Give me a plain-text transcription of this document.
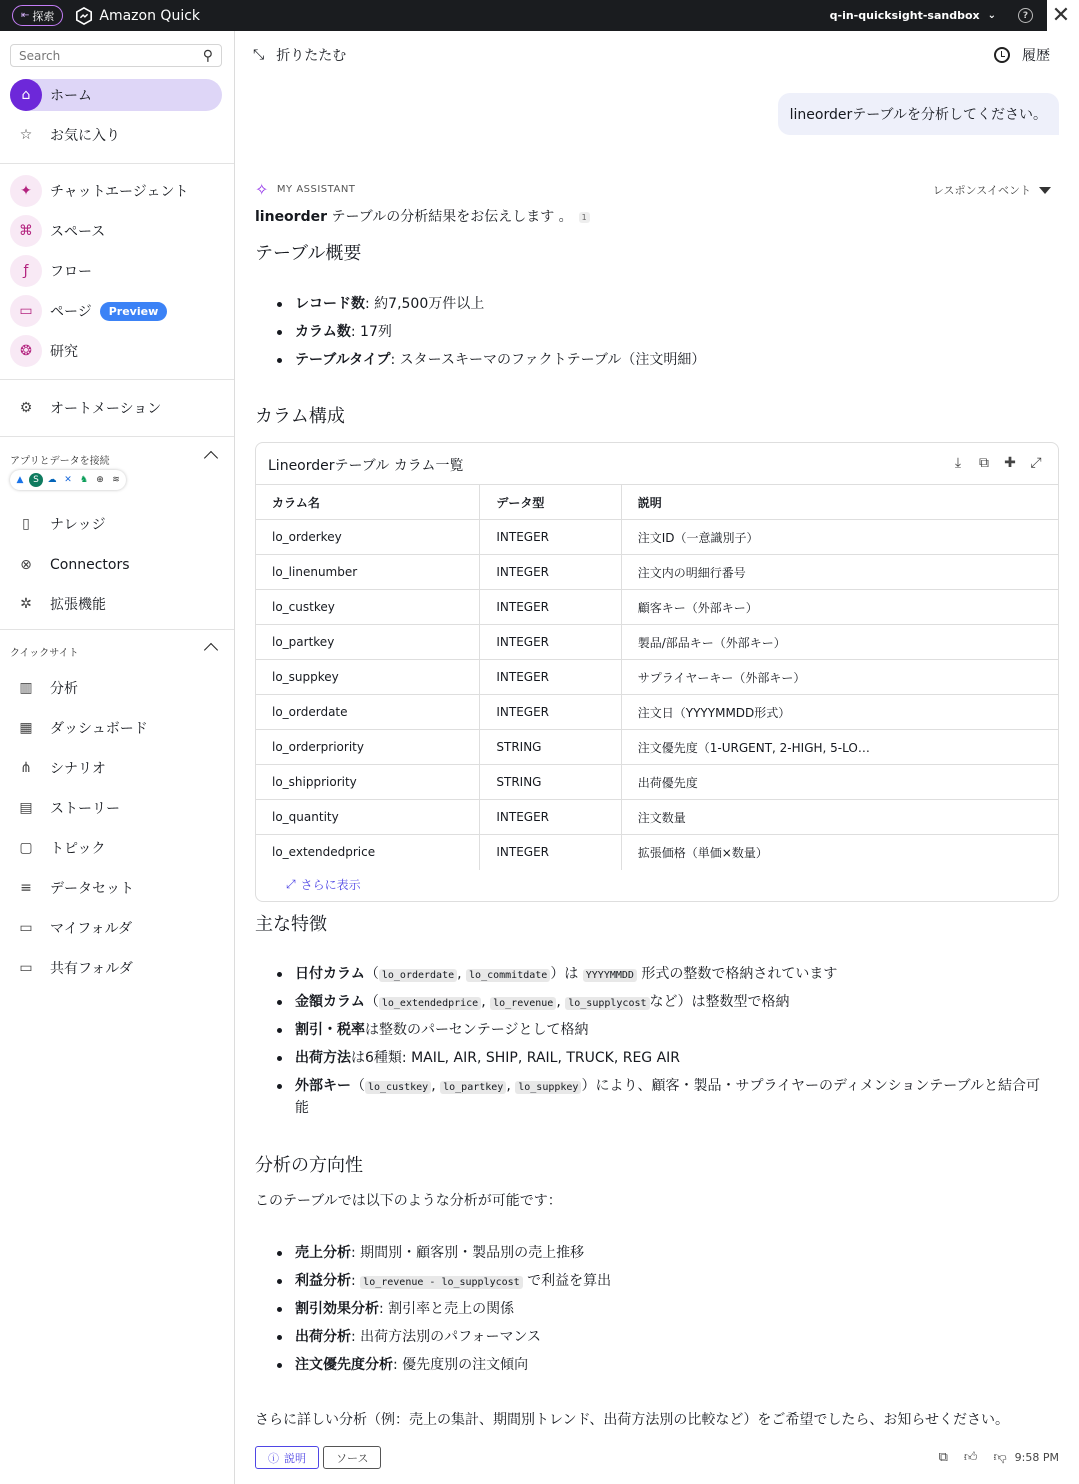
⇤ 探索	Amazon Quick	q-in-quicksight-sandbox ⌄	? ✕
Search	⚲
⌂	ホーム
☆	お気に入り
✦	チャットエージェント
⌘	スペース
ƒ	フロー
▭	ページ	Preview
❂	研究
⚙	オートメーション
アプリとデータを接続
▲	S ☁ ✕ ♞ ⊕ ≋
▯	ナレッジ
⊗	Connectors
✲	拡張機能
クイックサイト
▥	分析
▦	ダッシュボード
⋔	シナリオ
▤	ストーリー
▢	トピック
≡	データセット
▭	マイフォルダ
▭	共有フォルダ
⤡ 折りたたむ	履歴
lineorderテーブルを分析してください。
✧ MY ASSISTANT	レスポンスイベント
lineorder テーブルの分析結果をお伝えします 。 1
テーブル概要
レコード数: 約7,500万件以上
カラム数: 17列
テーブルタイプ: スタースキーマのファクトテーブル（注文明細）
カラム構成
Lineorderテーブル カラム一覧	⤓	⧉ ✚ ⤢
カラム名	データ型	説明
lo_orderkey	INTEGER	注文ID（一意識別子）
lo_linenumber	INTEGER	注文内の明細行番号
lo_custkey	INTEGER	顧客キー（外部キー）
lo_partkey	INTEGER	製品/部品キー（外部キー）
lo_suppkey	INTEGER	サプライヤーキー（外部キー）
lo_orderdate	INTEGER	注文日（YYYYMMDD形式）
lo_orderpriority	STRING	注文優先度（1-URGENT, 2-HIGH, 5-LO…
lo_shippriority	STRING	出荷優先度
lo_quantity	INTEGER	注文数量
lo_extendedprice	INTEGER	拡張価格（単価×数量）
⤢ さらに表示
主な特徴
日付カラム（ lo_orderdate , lo_commitdate ）は YYYYMMDD 形式の整数で格納されています
金額カラム（ lo_extendedprice , lo_revenue , lo_supplycost など）は整数型で格納
割引・税率は整数のパーセンテージとして格納
出荷方法は6種類: MAIL, AIR, SHIP, RAIL, TRUCK, REG AIR
外部キー（ lo_custkey , lo_partkey , lo_suppkey ）により、顧客・製品・サプライヤーのディメンションテーブルと結合可能
分析の方向性
このテーブルでは以下のような分析が可能です：
売上分析: 期間別・顧客別・製品別の売上推移
利益分析: lo_revenue - lo_supplycost で利益を算出
割引効果分析: 割引率と売上の関係
出荷分析: 出荷方法別のパフォーマンス
注文優先度分析: 優先度別の注文傾向
さらに詳しい分析（例：売上の集計、期間別トレンド、出荷方法別の比較など）をご希望でしたら、お知らせください。
ⓘ 説明	ソース	⧉ 👍︎ 👎︎ 9:58 PM
